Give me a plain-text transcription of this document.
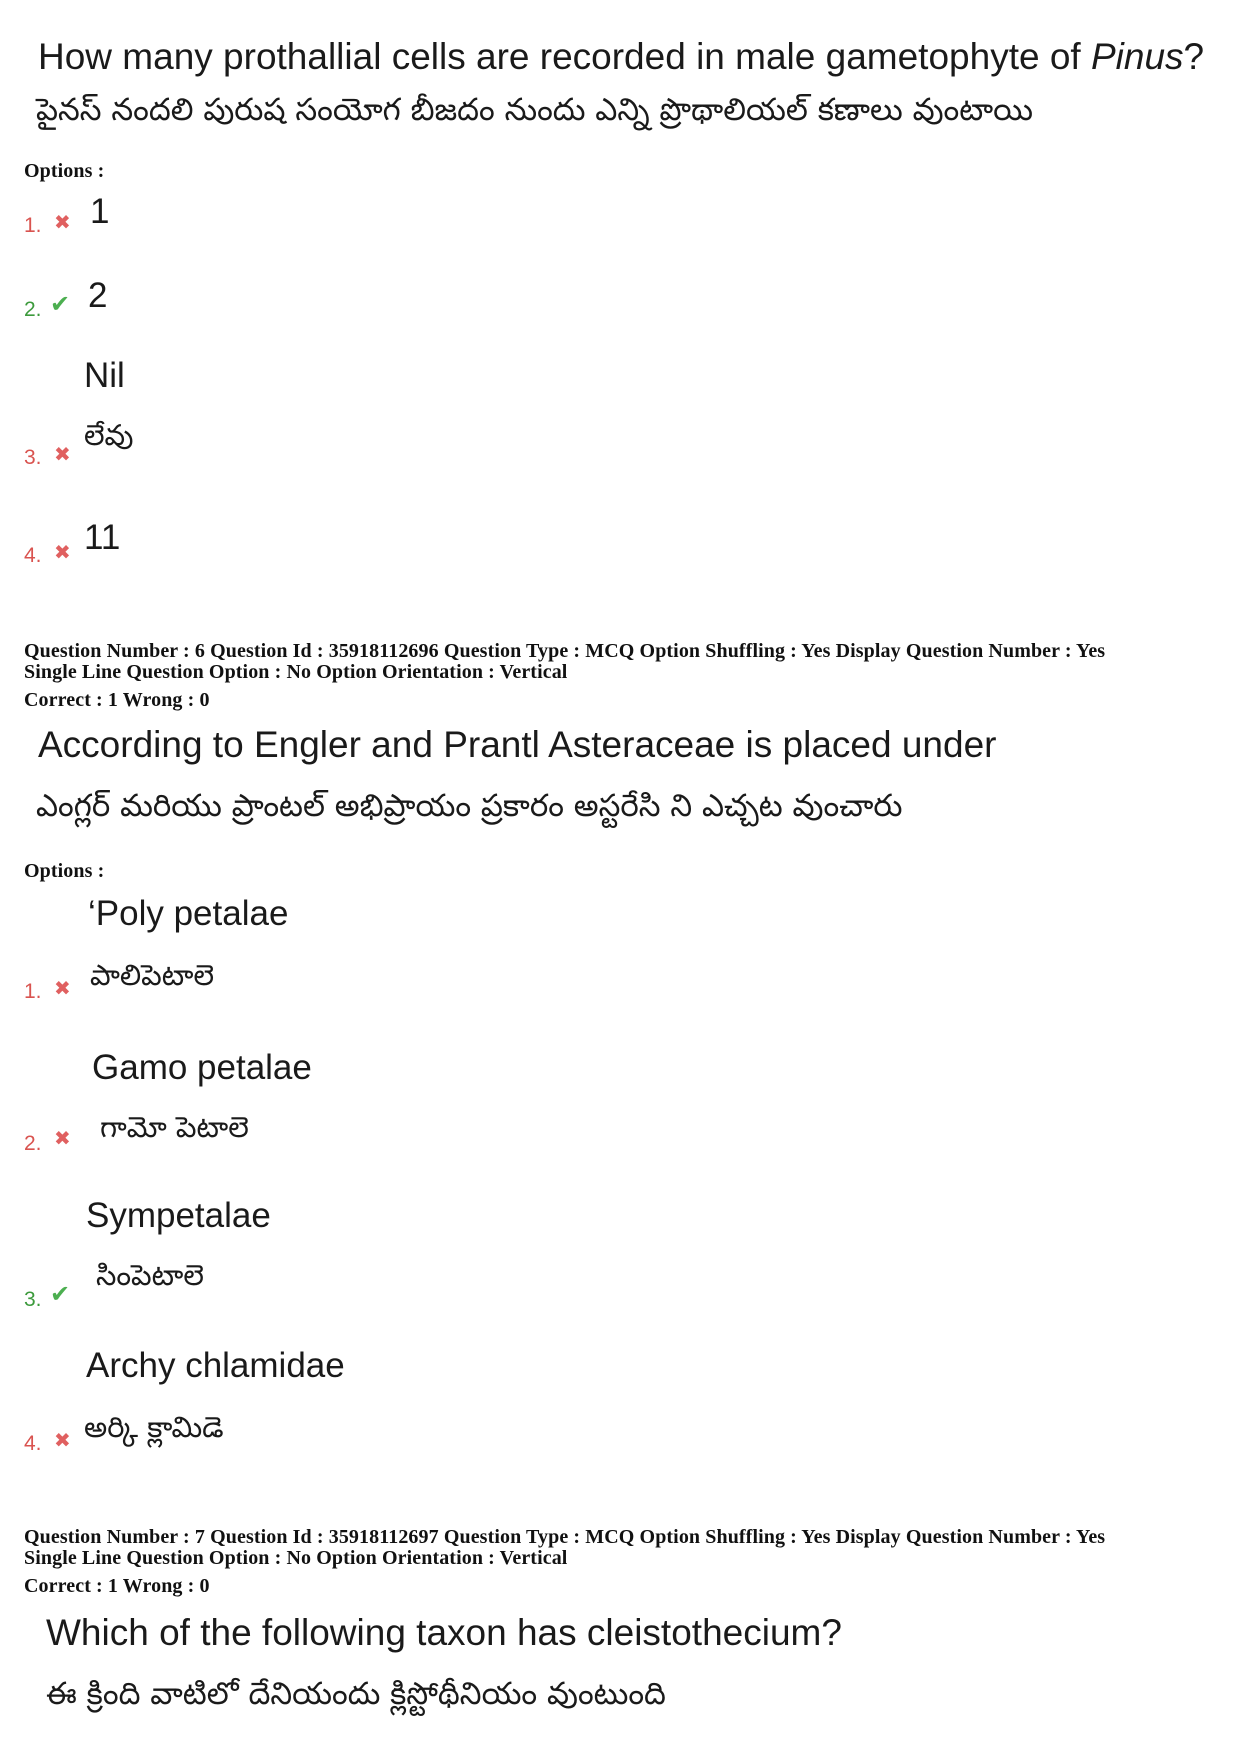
How many prothallial cells are recorded in male gametophyte of Pinus?
పైనస్ నందలి పురుష సంయోగ బీజదం నుందు ఎన్ని ప్రొథాలియల్ కణాలు వుంటాయి
Options :
1. ✖ 1
2. ✔ 2
Nil
లేవు
3. ✖
4. ✖ 11
Question Number : 6 Question Id : 35918112696 Question Type : MCQ Option Shuffling : Yes Display Question Number : Yes
Single Line Question Option : No Option Orientation : Vertical
Correct : 1 Wrong : 0
According to Engler and Prantl Asteraceae is placed under
ఎంగ్లర్ మరియు ప్రాంటల్ అభిప్రాయం ప్రకారం అస్టరేసి ని ఎచ్చట వుంచారు
Options :
‘Poly petalae
పాలిపెటాలె
1. ✖
Gamo petalae
గామో పెటాలె
2. ✖
Sympetalae
సింపెటాలె
3. ✔
Archy chlamidae
అర్కి క్లామిడె
4. ✖
Question Number : 7 Question Id : 35918112697 Question Type : MCQ Option Shuffling : Yes Display Question Number : Yes
Single Line Question Option : No Option Orientation : Vertical
Correct : 1 Wrong : 0
Which of the following taxon has cleistothecium?
ఈ క్రింది వాటిలో దేనియందు క్లిస్టోథీనియం వుంటుంది
